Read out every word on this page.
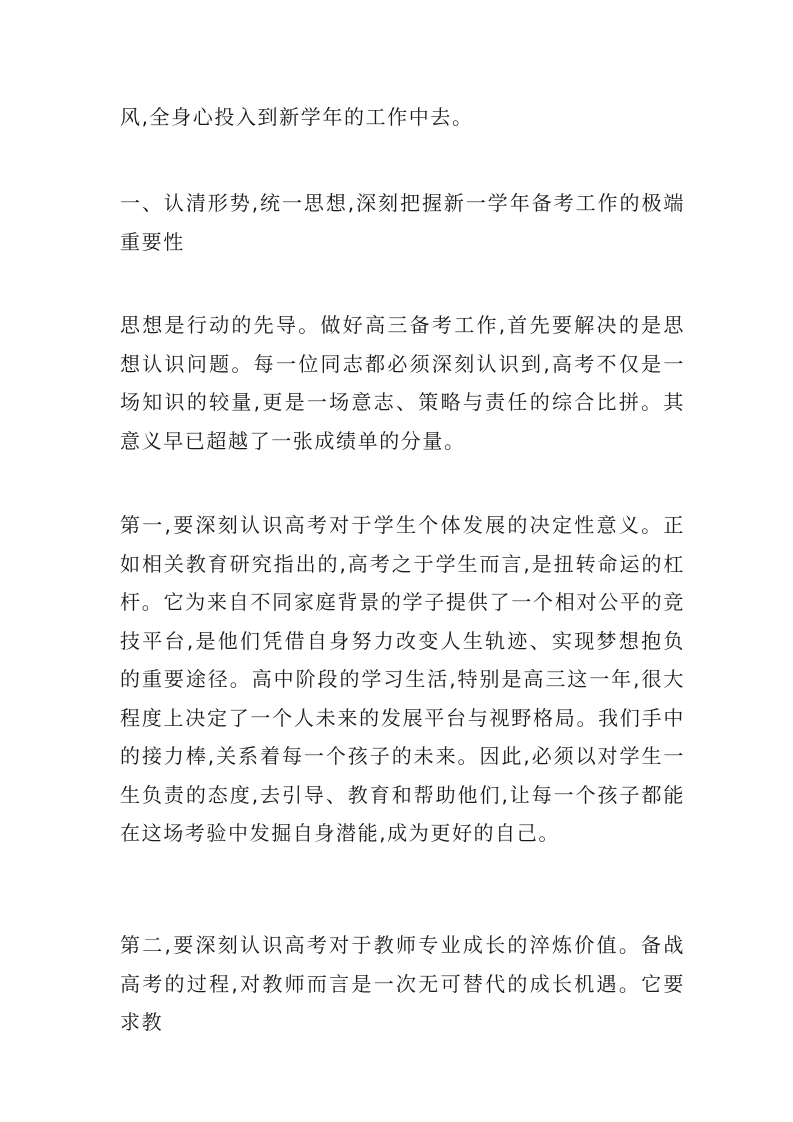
风,全身心投入到新学年的工作中去。

一、认清形势,统一思想,深刻把握新一学年备考工作的极端重要性

思想是行动的先导。做好高三备考工作,首先要解决的是思想认识问题。每一位同志都必须深刻认识到,高考不仅是一场知识的较量,更是一场意志、策略与责任的综合比拼。其意义早已超越了一张成绩单的分量。

第一,要深刻认识高考对于学生个体发展的决定性意义。正如相关教育研究指出的,高考之于学生而言,是扭转命运的杠杆。它为来自不同家庭背景的学子提供了一个相对公平的竞技平台,是他们凭借自身努力改变人生轨迹、实现梦想抱负的重要途径。高中阶段的学习生活,特别是高三这一年,很大程度上决定了一个人未来的发展平台与视野格局。我们手中的接力棒,关系着每一个孩子的未来。因此,必须以对学生一生负责的态度,去引导、教育和帮助他们,让每一个孩子都能在这场考验中发掘自身潜能,成为更好的自己。

第二,要深刻认识高考对于教师专业成长的淬炼价值。备战高考的过程,对教师而言是一次无可替代的成长机遇。它要求教
